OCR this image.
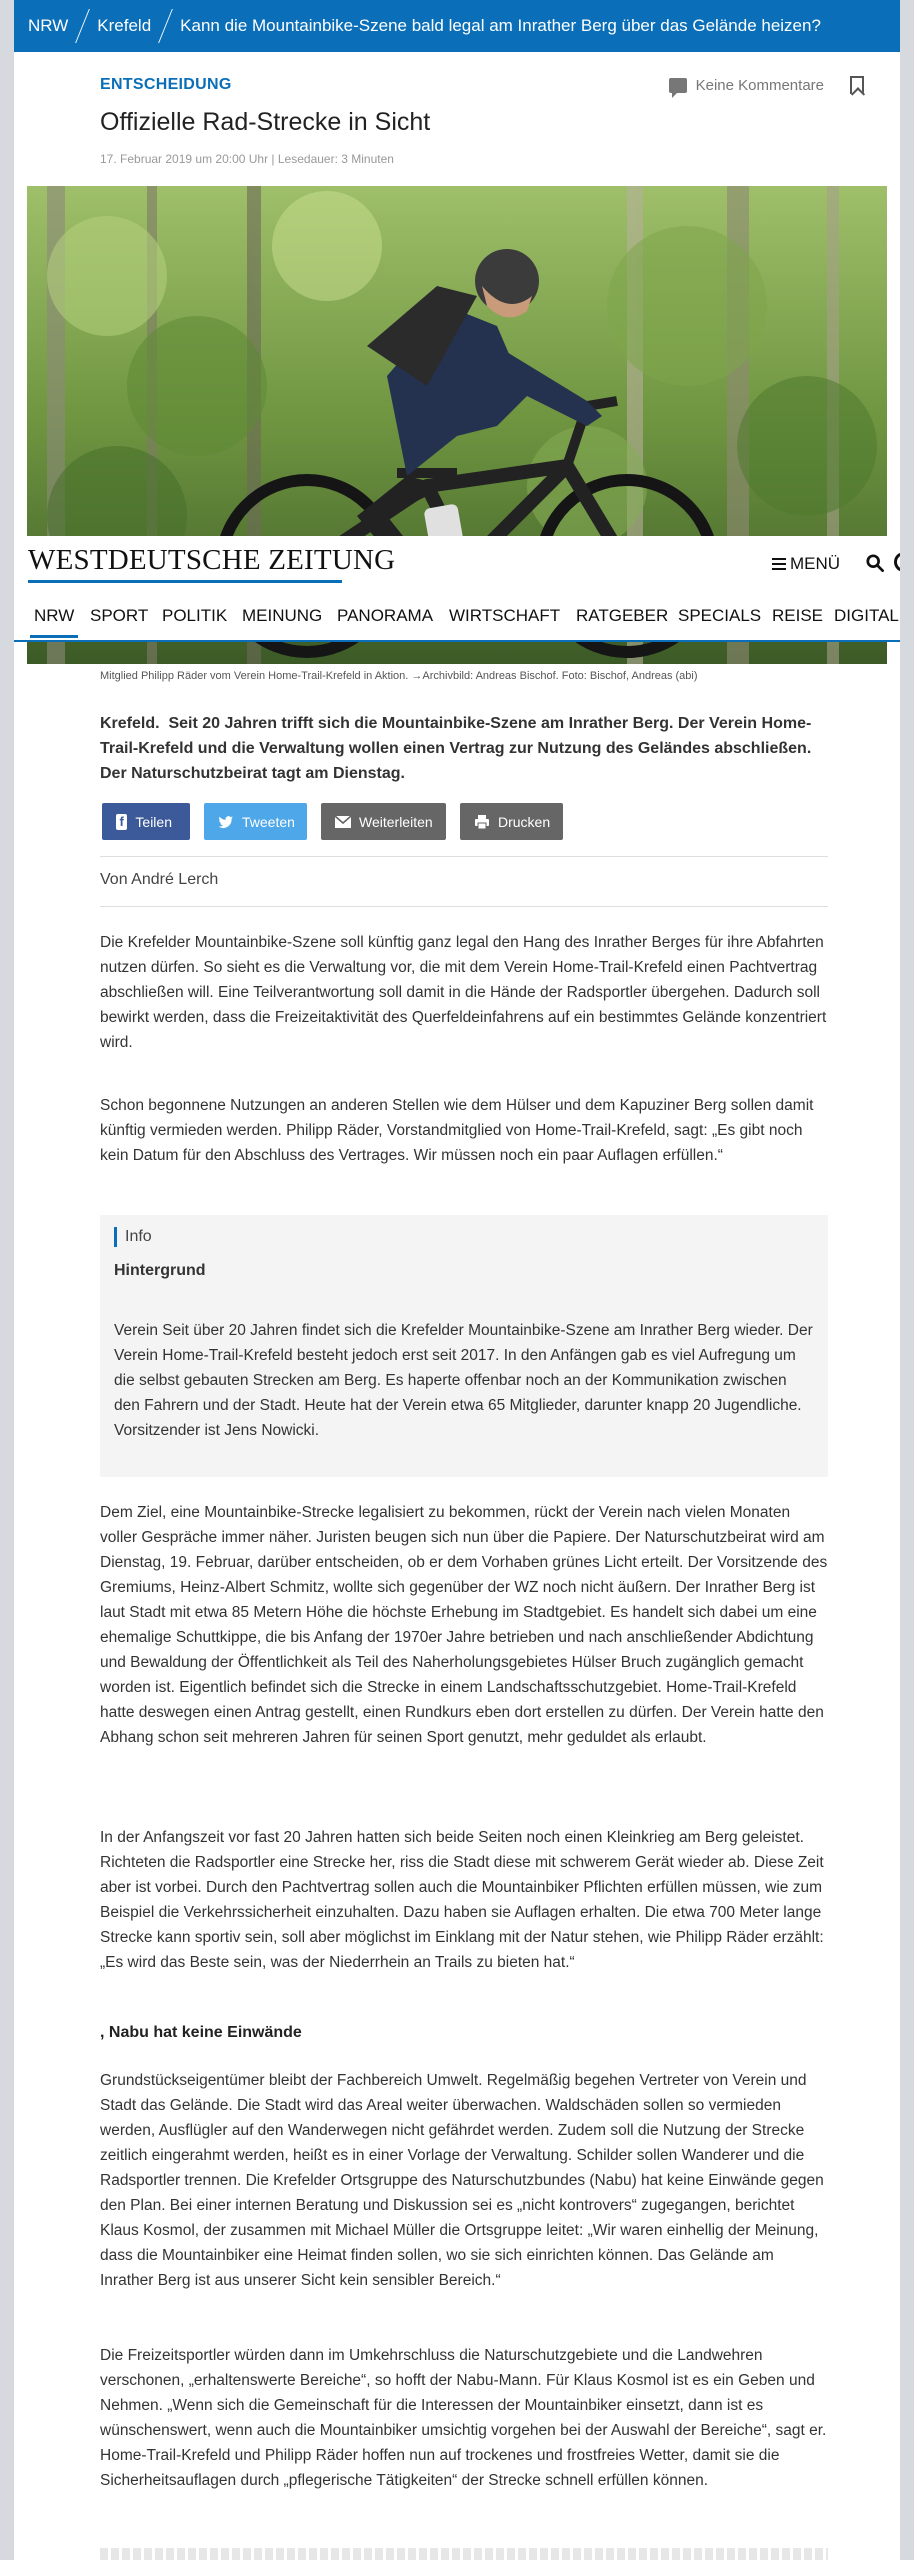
NRW Krefeld Kann die Mountainbike-Szene bald legal am Inrather Berg über das Gelände heizen?
ENTSCHEIDUNG	Keine Kommentare
Offizielle Rad-Strecke in Sicht
17. Februar 2019 um 20:00 Uhr | Lesedauer: 3 Minuten
WESTDEUTSCHE ZEITUNG	MENÜ
NRW SPORT POLITIK MEINUNG PANORAMA WIRTSCHAFT RATGEBER SPECIALS REISE DIGITAL
Mitglied Philipp Räder vom Verein Home-Trail-Krefeld in Aktion. →Archivbild: Andreas Bischof. Foto: Bischof, Andreas (abi)
Krefeld. Seit 20 Jahren trifft sich die Mountainbike-Szene am Inrather Berg. Der Verein Home-Trail-Krefeld und die Verwaltung wollen einen Vertrag zur Nutzung des Geländes abschließen. Der Naturschutzbeirat tagt am Dienstag.
f Teilen	Tweeten	Weiterleiten	Drucken
Von André Lerch

Die Krefelder Mountainbike-Szene soll künftig ganz legal den Hang des Inrather Berges für ihre Abfahrten nutzen dürfen. So sieht es die Verwaltung vor, die mit dem Verein Home-Trail-Krefeld einen Pachtvertrag abschließen will. Eine Teilverantwortung soll damit in die Hände der Radsportler übergehen. Dadurch soll bewirkt werden, dass die Freizeitaktivität des Querfeldeinfahrens auf ein bestimmtes Gelände konzentriert wird.

Schon begonnene Nutzungen an anderen Stellen wie dem Hülser und dem Kapuziner Berg sollen damit künftig vermieden werden. Philipp Räder, Vorstandmitglied von Home-Trail-Krefeld, sagt: „Es gibt noch kein Datum für den Abschluss des Vertrages. Wir müssen noch ein paar Auflagen erfüllen.“

Info
Hintergrund

Verein Seit über 20 Jahren findet sich die Krefelder Mountainbike-Szene am Inrather Berg wieder. Der Verein Home-Trail-Krefeld besteht jedoch erst seit 2017. In den Anfängen gab es viel Aufregung um die selbst gebauten Strecken am Berg. Es haperte offenbar noch an der Kommunikation zwischen den Fahrern und der Stadt. Heute hat der Verein etwa 65 Mitglieder, darunter knapp 20 Jugendliche. Vorsitzender ist Jens Nowicki.

Dem Ziel, eine Mountainbike-Strecke legalisiert zu bekommen, rückt der Verein nach vielen Monaten voller Gespräche immer näher. Juristen beugen sich nun über die Papiere. Der Naturschutzbeirat wird am Dienstag, 19. Februar, darüber entscheiden, ob er dem Vorhaben grünes Licht erteilt. Der Vorsitzende des Gremiums, Heinz-Albert Schmitz, wollte sich gegenüber der WZ noch nicht äußern. Der Inrather Berg ist laut Stadt mit etwa 85 Metern Höhe die höchste Erhebung im Stadtgebiet. Es handelt sich dabei um eine ehemalige Schuttkippe, die bis Anfang der 1970er Jahre betrieben und nach anschließender Abdichtung und Bewaldung der Öffentlichkeit als Teil des Naherholungsgebietes Hülser Bruch zugänglich gemacht worden ist. Eigentlich befindet sich die Strecke in einem Landschaftsschutzgebiet. Home-Trail-Krefeld hatte deswegen einen Antrag gestellt, einen Rundkurs eben dort erstellen zu dürfen. Der Verein hatte den Abhang schon seit mehreren Jahren für seinen Sport genutzt, mehr geduldet als erlaubt.

In der Anfangszeit vor fast 20 Jahren hatten sich beide Seiten noch einen Kleinkrieg am Berg geleistet. Richteten die Radsportler eine Strecke her, riss die Stadt diese mit schwerem Gerät wieder ab. Diese Zeit aber ist vorbei. Durch den Pachtvertrag sollen auch die Mountainbiker Pflichten erfüllen müssen, wie zum Beispiel die Verkehrssicherheit einzuhalten. Dazu haben sie Auflagen erhalten. Die etwa 700 Meter lange Strecke kann sportiv sein, soll aber möglichst im Einklang mit der Natur stehen, wie Philipp Räder erzählt: „Es wird das Beste sein, was der Niederrhein an Trails zu bieten hat.“

, Nabu hat keine Einwände

Grundstückseigentümer bleibt der Fachbereich Umwelt. Regelmäßig begehen Vertreter von Verein und Stadt das Gelände. Die Stadt wird das Areal weiter überwachen. Waldschäden sollen so vermieden werden, Ausflügler auf den Wanderwegen nicht gefährdet werden. Zudem soll die Nutzung der Strecke zeitlich eingerahmt werden, heißt es in einer Vorlage der Verwaltung. Schilder sollen Wanderer und die Radsportler trennen. Die Krefelder Ortsgruppe des Naturschutzbundes (Nabu) hat keine Einwände gegen den Plan. Bei einer internen Beratung und Diskussion sei es „nicht kontrovers“ zugegangen, berichtet Klaus Kosmol, der zusammen mit Michael Müller die Ortsgruppe leitet: „Wir waren einhellig der Meinung, dass die Mountainbiker eine Heimat finden sollen, wo sie sich einrichten können. Das Gelände am Inrather Berg ist aus unserer Sicht kein sensibler Bereich.“

Die Freizeitsportler würden dann im Umkehrschluss die Naturschutzgebiete und die Landwehren verschonen, „erhaltenswerte Bereiche“, so hofft der Nabu-Mann. Für Klaus Kosmol ist es ein Geben und Nehmen. „Wenn sich die Gemeinschaft für die Interessen der Mountainbiker einsetzt, dann ist es wünschenswert, wenn auch die Mountainbiker umsichtig vorgehen bei der Auswahl der Bereiche“, sagt er. Home-Trail-Krefeld und Philipp Räder hoffen nun auf trockenes und frostfreies Wetter, damit sie die Sicherheitsauflagen durch „pflegerische Tätigkeiten“ der Strecke schnell erfüllen können.
